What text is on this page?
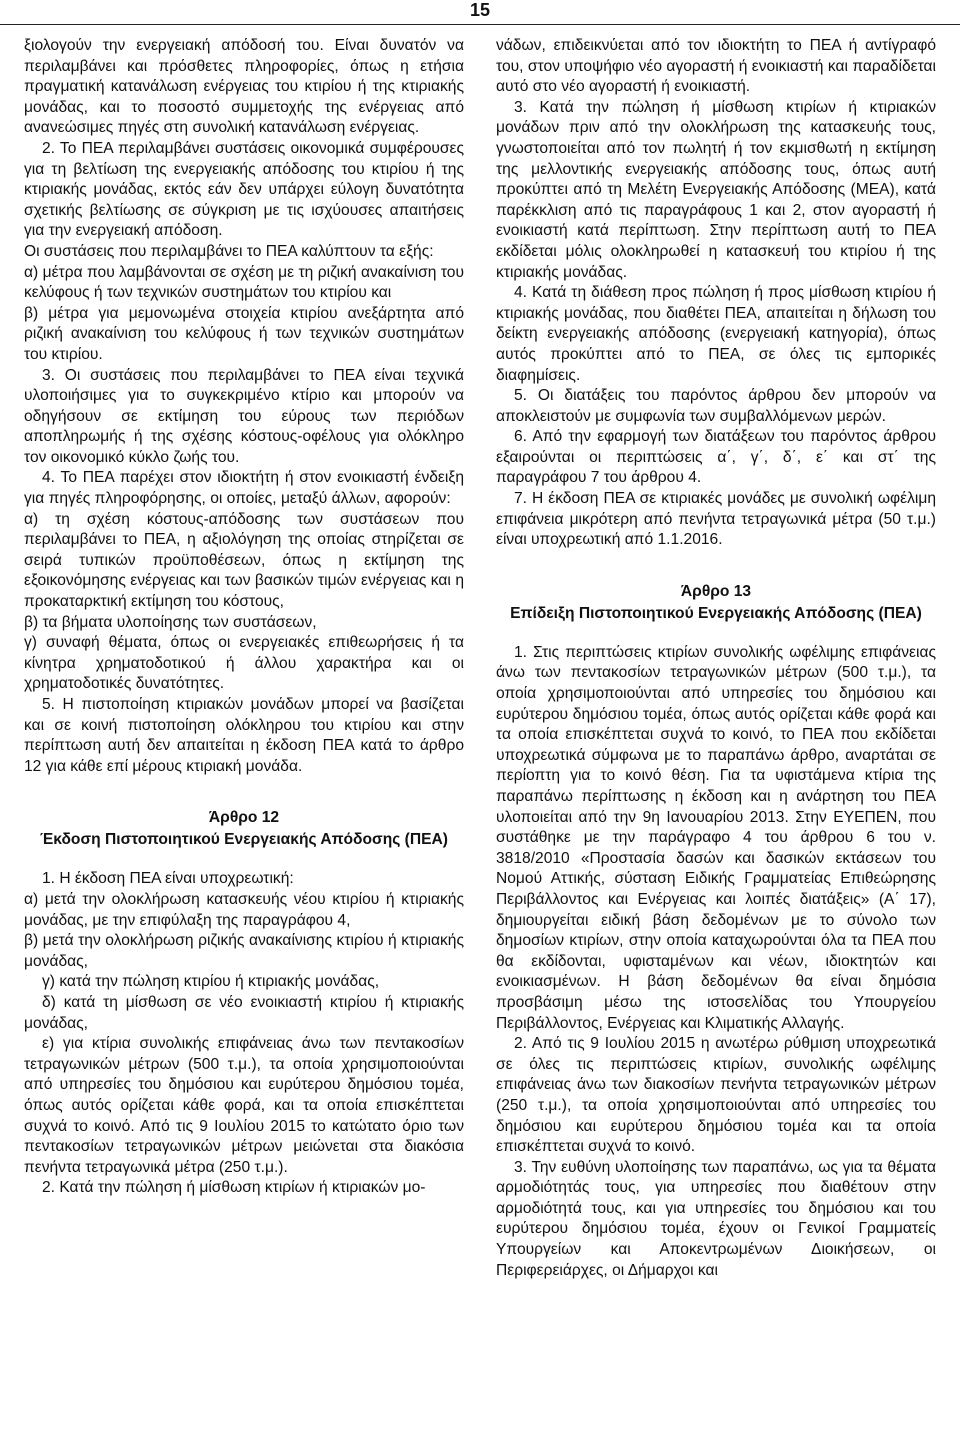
15

ξιολογούν την ενεργειακή απόδοσή του. Είναι δυνατόν να περιλαμβάνει και πρόσθετες πληροφορίες, όπως η ετήσια πραγματική κατανάλωση ενέργειας του κτιρίου ή της κτιριακής μονάδας, και το ποσοστό συμμετοχής της ενέργειας από ανανεώσιμες πηγές στη συνολική κατανάλωση ενέργειας.

2. Το ΠΕΑ περιλαμβάνει συστάσεις οικονομικά συμφέρουσες για τη βελτίωση της ενεργειακής απόδοσης του κτιρίου ή της κτιριακής μονάδας, εκτός εάν δεν υπάρχει εύλογη δυνατότητα σχετικής βελτίωσης σε σύγκριση με τις ισχύουσες απαιτήσεις για την ενεργειακή απόδοση.

Οι συστάσεις που περιλαμβάνει το ΠΕΑ καλύπτουν τα εξής:

α) μέτρα που λαμβάνονται σε σχέση με τη ριζική ανακαίνιση του κελύφους ή των τεχνικών συστημάτων του κτιρίου και

β) μέτρα για μεμονωμένα στοιχεία κτιρίου ανεξάρτητα από ριζική ανακαίνιση του κελύφους ή των τεχνικών συστημάτων του κτιρίου.

3. Οι συστάσεις που περιλαμβάνει το ΠΕΑ είναι τεχνικά υλοποιήσιμες για το συγκεκριμένο κτίριο και μπορούν να οδηγήσουν σε εκτίμηση του εύρους των περιόδων αποπληρωμής ή της σχέσης κόστους-οφέλους για ολόκληρο τον οικονομικό κύκλο ζωής του.

4. Το ΠΕΑ παρέχει στον ιδιοκτήτη ή στον ενοικιαστή ένδειξη για πηγές πληροφόρησης, οι οποίες, μεταξύ άλλων, αφορούν:

α) τη σχέση κόστους-απόδοσης των συστάσεων που περιλαμβάνει το ΠΕΑ, η αξιολόγηση της οποίας στηρίζεται σε σειρά τυπικών προϋποθέσεων, όπως η εκτίμηση της εξοικονόμησης ενέργειας και των βασικών τιμών ενέργειας και η προκαταρκτική εκτίμηση του κόστους,

β) τα βήματα υλοποίησης των συστάσεων,

γ) συναφή θέματα, όπως οι ενεργειακές επιθεωρήσεις ή τα κίνητρα χρηματοδοτικού ή άλλου χαρακτήρα και οι χρηματοδοτικές δυνατότητες.

5. Η πιστοποίηση κτιριακών μονάδων μπορεί να βασίζεται και σε κοινή πιστοποίηση ολόκληρου του κτιρίου και στην περίπτωση αυτή δεν απαιτείται η έκδοση ΠΕΑ κατά το άρθρο 12 για κάθε επί μέρους κτιριακή μονάδα.

Άρθρο 12
Έκδοση Πιστοποιητικού Ενεργειακής Απόδοσης (ΠΕΑ)

1. Η έκδοση ΠΕΑ είναι υποχρεωτική:

α) μετά την ολοκλήρωση κατασκευής νέου κτιρίου ή κτιριακής μονάδας, με την επιφύλαξη της παραγράφου 4,

β) μετά την ολοκλήρωση ριζικής ανακαίνισης κτιρίου ή κτιριακής μονάδας,

γ) κατά την πώληση κτιρίου ή κτιριακής μονάδας,

δ) κατά τη μίσθωση σε νέο ενοικιαστή κτιρίου ή κτιριακής μονάδας,

ε) για κτίρια συνολικής επιφάνειας άνω των πεντακοσίων τετραγωνικών μέτρων (500 τ.μ.), τα οποία χρησιμοποιούνται από υπηρεσίες του δημόσιου και ευρύτερου δημόσιου τομέα, όπως αυτός ορίζεται κάθε φορά, και τα οποία επισκέπτεται συχνά το κοινό. Από τις 9 Ιουλίου 2015 το κατώτατο όριο των πεντακοσίων τετραγωνικών μέτρων μειώνεται στα διακόσια πενήντα τετραγωνικά μέτρα (250 τ.μ.).

2. Κατά την πώληση ή μίσθωση κτιρίων ή κτιριακών μο-

νάδων, επιδεικνύεται από τον ιδιοκτήτη το ΠΕΑ ή αντίγραφό του, στον υποψήφιο νέο αγοραστή ή ενοικιαστή και παραδίδεται αυτό στο νέο αγοραστή ή ενοικιαστή.

3. Κατά την πώληση ή μίσθωση κτιρίων ή κτιριακών μονάδων πριν από την ολοκλήρωση της κατασκευής τους, γνωστοποιείται από τον πωλητή ή τον εκμισθωτή η εκτίμηση της μελλοντικής ενεργειακής απόδοσης τους, όπως αυτή προκύπτει από τη Μελέτη Ενεργειακής Απόδοσης (ΜΕΑ), κατά παρέκκλιση από τις παραγράφους 1 και 2, στον αγοραστή ή ενοικιαστή κατά περίπτωση. Στην περίπτωση αυτή το ΠΕΑ εκδίδεται μόλις ολοκληρωθεί η κατασκευή του κτιρίου ή της κτιριακής μονάδας.

4. Κατά τη διάθεση προς πώληση ή προς μίσθωση κτιρίου ή κτιριακής μονάδας, που διαθέτει ΠΕΑ, απαιτείται η δήλωση του δείκτη ενεργειακής απόδοσης (ενεργειακή κατηγορία), όπως αυτός προκύπτει από το ΠΕΑ, σε όλες τις εμπορικές διαφημίσεις.

5. Οι διατάξεις του παρόντος άρθρου δεν μπορούν να αποκλειστούν με συμφωνία των συμβαλλόμενων μερών.

6. Από την εφαρμογή των διατάξεων του παρόντος άρθρου εξαιρούνται οι περιπτώσεις α΄, γ΄, δ΄, ε΄ και στ΄ της παραγράφου 7 του άρθρου 4.

7. Η έκδοση ΠΕΑ σε κτιριακές μονάδες με συνολική ωφέλιμη επιφάνεια μικρότερη από πενήντα τετραγωνικά μέτρα (50 τ.μ.) είναι υποχρεωτική από 1.1.2016.

Άρθρο 13
Επίδειξη Πιστοποιητικού Ενεργειακής Απόδοσης (ΠΕΑ)

1. Στις περιπτώσεις κτιρίων συνολικής ωφέλιμης επιφάνειας άνω των πεντακοσίων τετραγωνικών μέτρων (500 τ.μ.), τα οποία χρησιμοποιούνται από υπηρεσίες του δημόσιου και ευρύτερου δημόσιου τομέα, όπως αυτός ορίζεται κάθε φορά και τα οποία επισκέπτεται συχνά το κοινό, το ΠΕΑ που εκδίδεται υποχρεωτικά σύμφωνα με το παραπάνω άρθρο, αναρτάται σε περίοπτη για το κοινό θέση. Για τα υφιστάμενα κτίρια της παραπάνω περίπτωσης η έκδοση και η ανάρτηση του ΠΕΑ υλοποιείται από την 9η Ιανουαρίου 2013. Στην ΕΥΕΠΕΝ, που συστάθηκε με την παράγραφο 4 του άρθρου 6 του ν. 3818/2010 «Προστασία δασών και δασικών εκτάσεων του Νομού Αττικής, σύσταση Ειδικής Γραμματείας Επιθεώρησης Περιβάλλοντος και Ενέργειας και λοιπές διατάξεις» (Α΄ 17), δημιουργείται ειδική βάση δεδομένων με το σύνολο των δημοσίων κτιρίων, στην οποία καταχωρούνται όλα τα ΠΕΑ που θα εκδίδονται, υφισταμένων και νέων, ιδιοκτητών και ενοικιασμένων. Η βάση δεδομένων θα είναι δημόσια προσβάσιμη μέσω της ιστοσελίδας του Υπουργείου Περιβάλλοντος, Ενέργειας και Κλιματικής Αλλαγής.

2. Από τις 9 Ιουλίου 2015 η ανωτέρω ρύθμιση υποχρεωτικά σε όλες τις περιπτώσεις κτιρίων, συνολικής ωφέλιμης επιφάνειας άνω των διακοσίων πενήντα τετραγωνικών μέτρων (250 τ.μ.), τα οποία χρησιμοποιούνται από υπηρεσίες του δημόσιου και ευρύτερου δημόσιου τομέα και τα οποία επισκέπτεται συχνά το κοινό.

3. Την ευθύνη υλοποίησης των παραπάνω, ως για τα θέματα αρμοδιότητάς τους, για υπηρεσίες που διαθέτουν στην αρμοδιότητά τους, και για υπηρεσίες του δημόσιου και του ευρύτερου δημόσιου τομέα, έχουν οι Γενικοί Γραμματείς Υπουργείων και Αποκεντρωμένων Διοικήσεων, οι Περιφερειάρχες, οι Δήμαρχοι και
